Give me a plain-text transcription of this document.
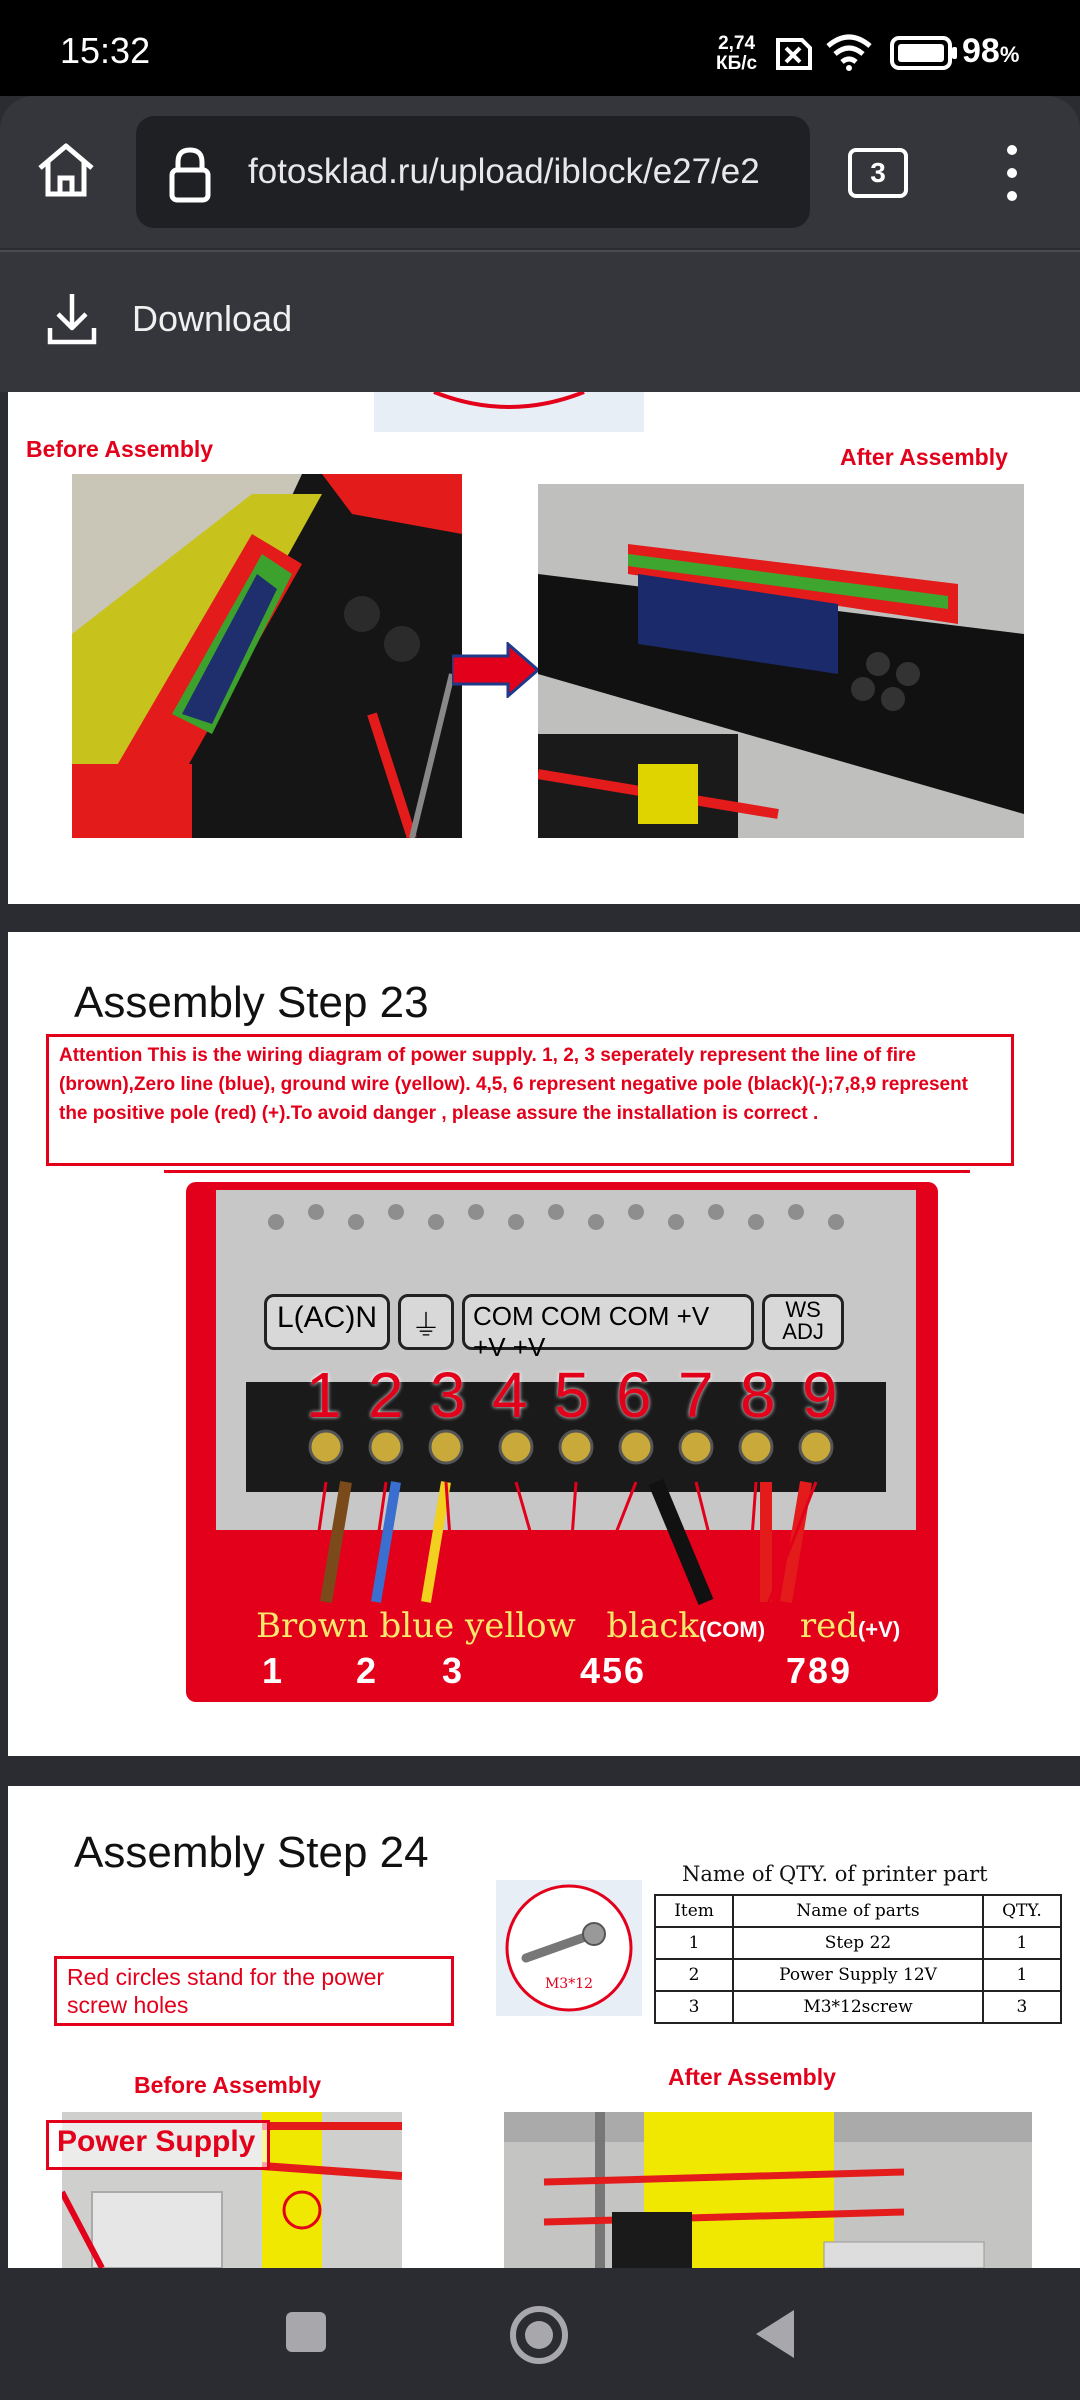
15:32	2,74
КБ/с	98%
fotosklad.ru/upload/iblock/e27/e2	3
Download
Before Assembly	After Assembly
Assembly Step 23
Attention This is the wiring diagram of power supply. 1, 2, 3 seperately represent the line of fire (brown),Zero line (blue), ground wire (yellow). 4,5, 6 represent negative pole (black)(-);7,8,9 represent the positive pole (red) (+).To avoid danger , please assure the installation is correct .
L(AC)N	⏚	COM COM COM +V +V +V
WS ADJ
1 2 3 4 5 6 7 8 9
Brown blue yellow black(COM) red(+V)
1 2 3	456	789
Assembly Step 24
Red circles stand for the power screw holes
M3*12
Name of QTY. of printer part
Item	Name of parts	QTY.
1	Step 22	1
2	Power Supply 12V	1
3	M3*12screw	3
Before Assembly	After Assembly
Power Supply
